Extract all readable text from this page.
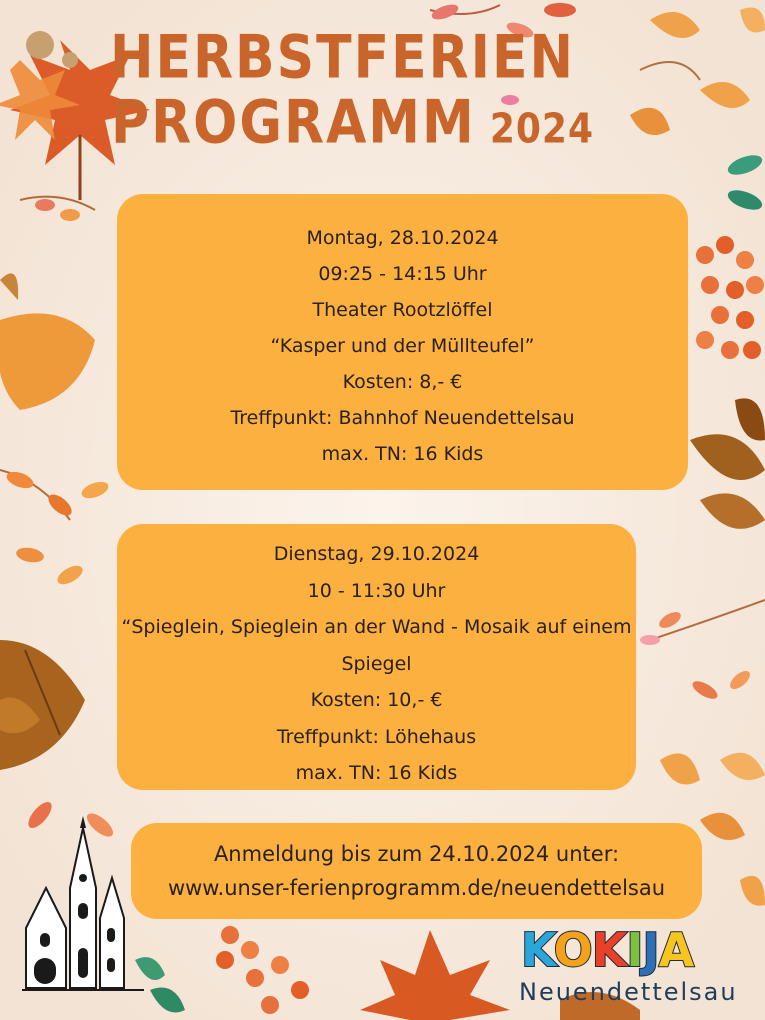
HERBSTFERIEN
PROGRAMM 2024
Montag, 28.10.2024
09:25 - 14:15 Uhr
Theater Rootzlöffel
“Kasper und der Müllteufel”
Kosten: 8,- €
Treffpunkt: Bahnhof Neuendettelsau
max. TN: 16 Kids
Dienstag, 29.10.2024
10 - 11:30 Uhr
“Spieglein, Spieglein an der Wand - Mosaik auf einem
Spiegel
Kosten: 10,- €
Treffpunkt: Löhehaus
max. TN: 16 Kids
Anmeldung bis zum 24.10.2024 unter:
www.unser-ferienprogramm.de/neuendettelsau
KOKIJA
Neuendettelsau
